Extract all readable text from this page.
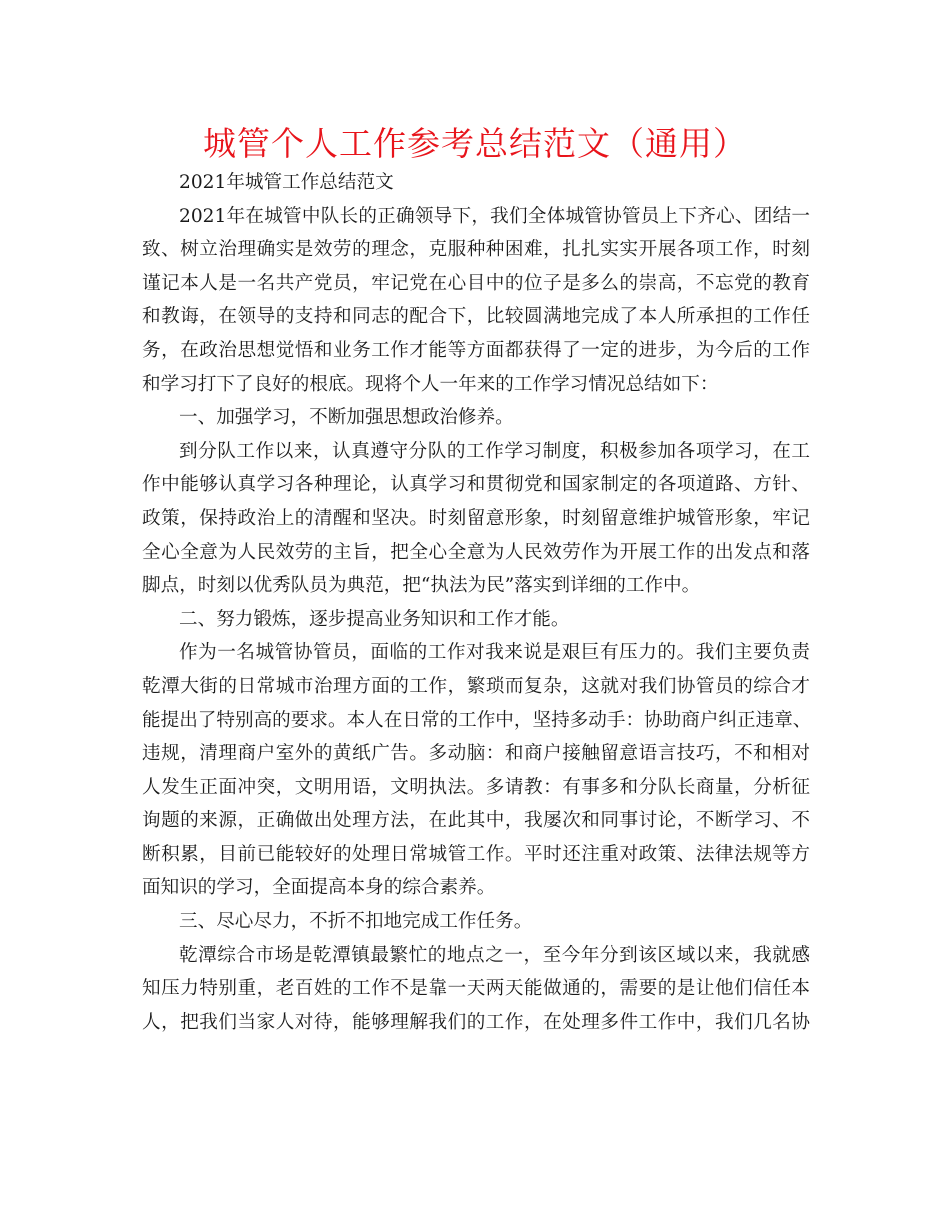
城管个人工作参考总结范文（通用）
2021年城管工作总结范文
2021年在城管中队长的正确领导下，我们全体城管协管员上下齐心、团结一
致、树立治理确实是效劳的理念，克服种种困难，扎扎实实开展各项工作，时刻
谨记本人是一名共产党员，牢记党在心目中的位子是多么的崇高，不忘党的教育
和教诲，在领导的支持和同志的配合下，比较圆满地完成了本人所承担的工作任
务，在政治思想觉悟和业务工作才能等方面都获得了一定的进步，为今后的工作
和学习打下了良好的根底。现将个人一年来的工作学习情况总结如下：
一、加强学习，不断加强思想政治修养。
到分队工作以来，认真遵守分队的工作学习制度，积极参加各项学习，在工
作中能够认真学习各种理论，认真学习和贯彻党和国家制定的各项道路、方针、
政策，保持政治上的清醒和坚决。时刻留意形象，时刻留意维护城管形象，牢记
全心全意为人民效劳的主旨，把全心全意为人民效劳作为开展工作的出发点和落
脚点，时刻以优秀队员为典范，把“执法为民”落实到详细的工作中。
二、努力锻炼，逐步提高业务知识和工作才能。
作为一名城管协管员，面临的工作对我来说是艰巨有压力的。我们主要负责
乾潭大街的日常城市治理方面的工作，繁琐而复杂，这就对我们协管员的综合才
能提出了特别高的要求。本人在日常的工作中，坚持多动手：协助商户纠正违章、
违规，清理商户室外的黄纸广告。多动脑：和商户接触留意语言技巧，不和相对
人发生正面冲突，文明用语，文明执法。多请教：有事多和分队长商量，分析征
询题的来源，正确做出处理方法，在此其中，我屡次和同事讨论，不断学习、不
断积累，目前已能较好的处理日常城管工作。平时还注重对政策、法律法规等方
面知识的学习，全面提高本身的综合素养。
三、尽心尽力，不折不扣地完成工作任务。
乾潭综合市场是乾潭镇最繁忙的地点之一，至今年分到该区域以来，我就感
知压力特别重，老百姓的工作不是靠一天两天能做通的，需要的是让他们信任本
人，把我们当家人对待，能够理解我们的工作，在处理多件工作中，我们几名协
